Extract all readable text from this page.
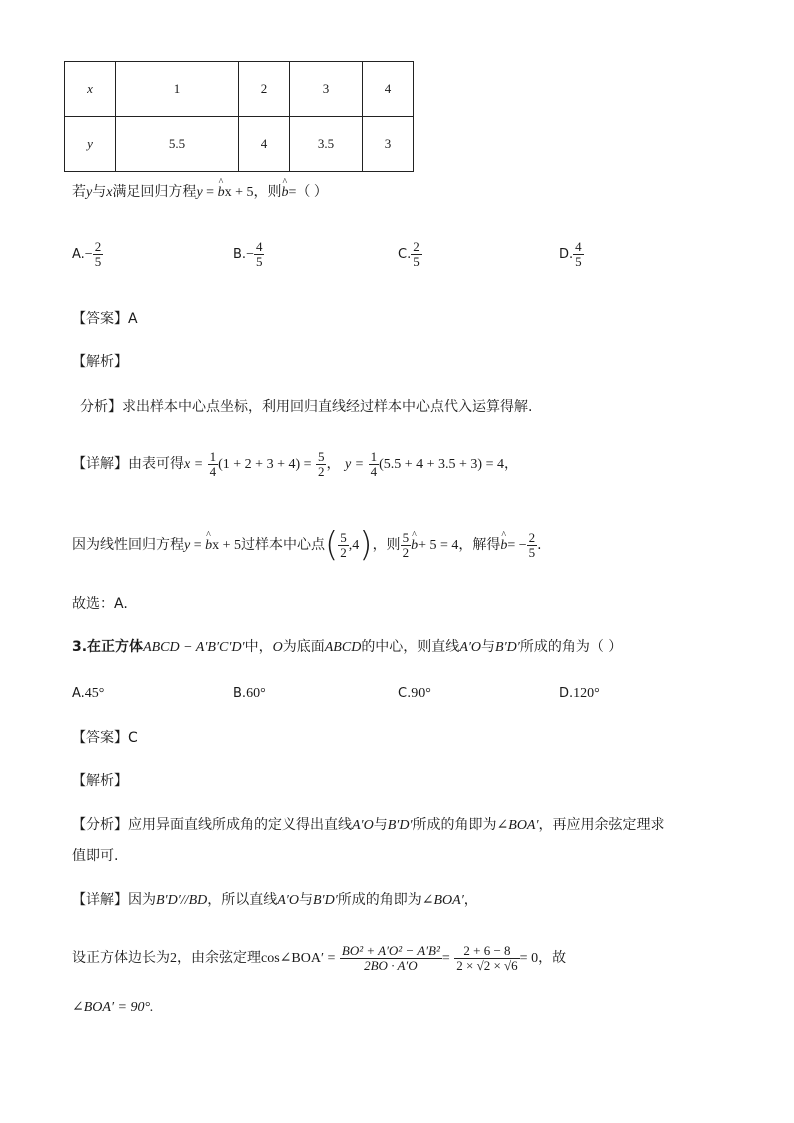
x	1	2	3	4
y	5.5	4	3.5	3
若y与x满足回归方程y = ^ bx + 5，则^ b=（ ）
$A.- \frac{2}{5}$	$B.- \frac{4}{5}$	C. $\frac{2}{5}$	D. $\frac{4}{5}$
【答案】A
【解析】
分析】求出样本中心点坐标，利用回归直线经过样本中心点代入运算得解.
【详解】由表可得$x = \frac{1}{4} (1 + 2 + 3 + 4) = \frac{5}{2}$ ， $y = \frac{1}{4} (5.5 + 4 + 3.5 + 3) = 4$，
因为线性回归方程y = ^ bx + 5过样本中心点( $\frac{5}{2} ,4$)，则 $\frac{5}{2}$ ^ b+ 5 = 4，解得^ $b= - \frac{2}{5}$ .
故选：A.
3.在正方体ABCD − A′B′C′D′中，O为底面ABCD的中心，则直线A′O与B′D′所成的角为（ ）
A.45°	B.60°	C.90°	D.120°
【答案】C
【解析】
【分析】应用异面直线所成角的定义得出直线A′O与B′D′所成的角即为∠BOA′，再应用余弦定理求
值即可.
【详解】因为B′D′//BD，所以直线A′O与B′D′所成的角即为∠BOA′，
设正方体边长为2，由余弦定理cos∠BOA′ = $\frac{\text{BO² + A′O² − A′B²}}{2BO \cdot A'O} = \frac{2 + 6 - 8}{2 \times √2 \times √6} = 0$，故
∠BOA′ = 90°.
